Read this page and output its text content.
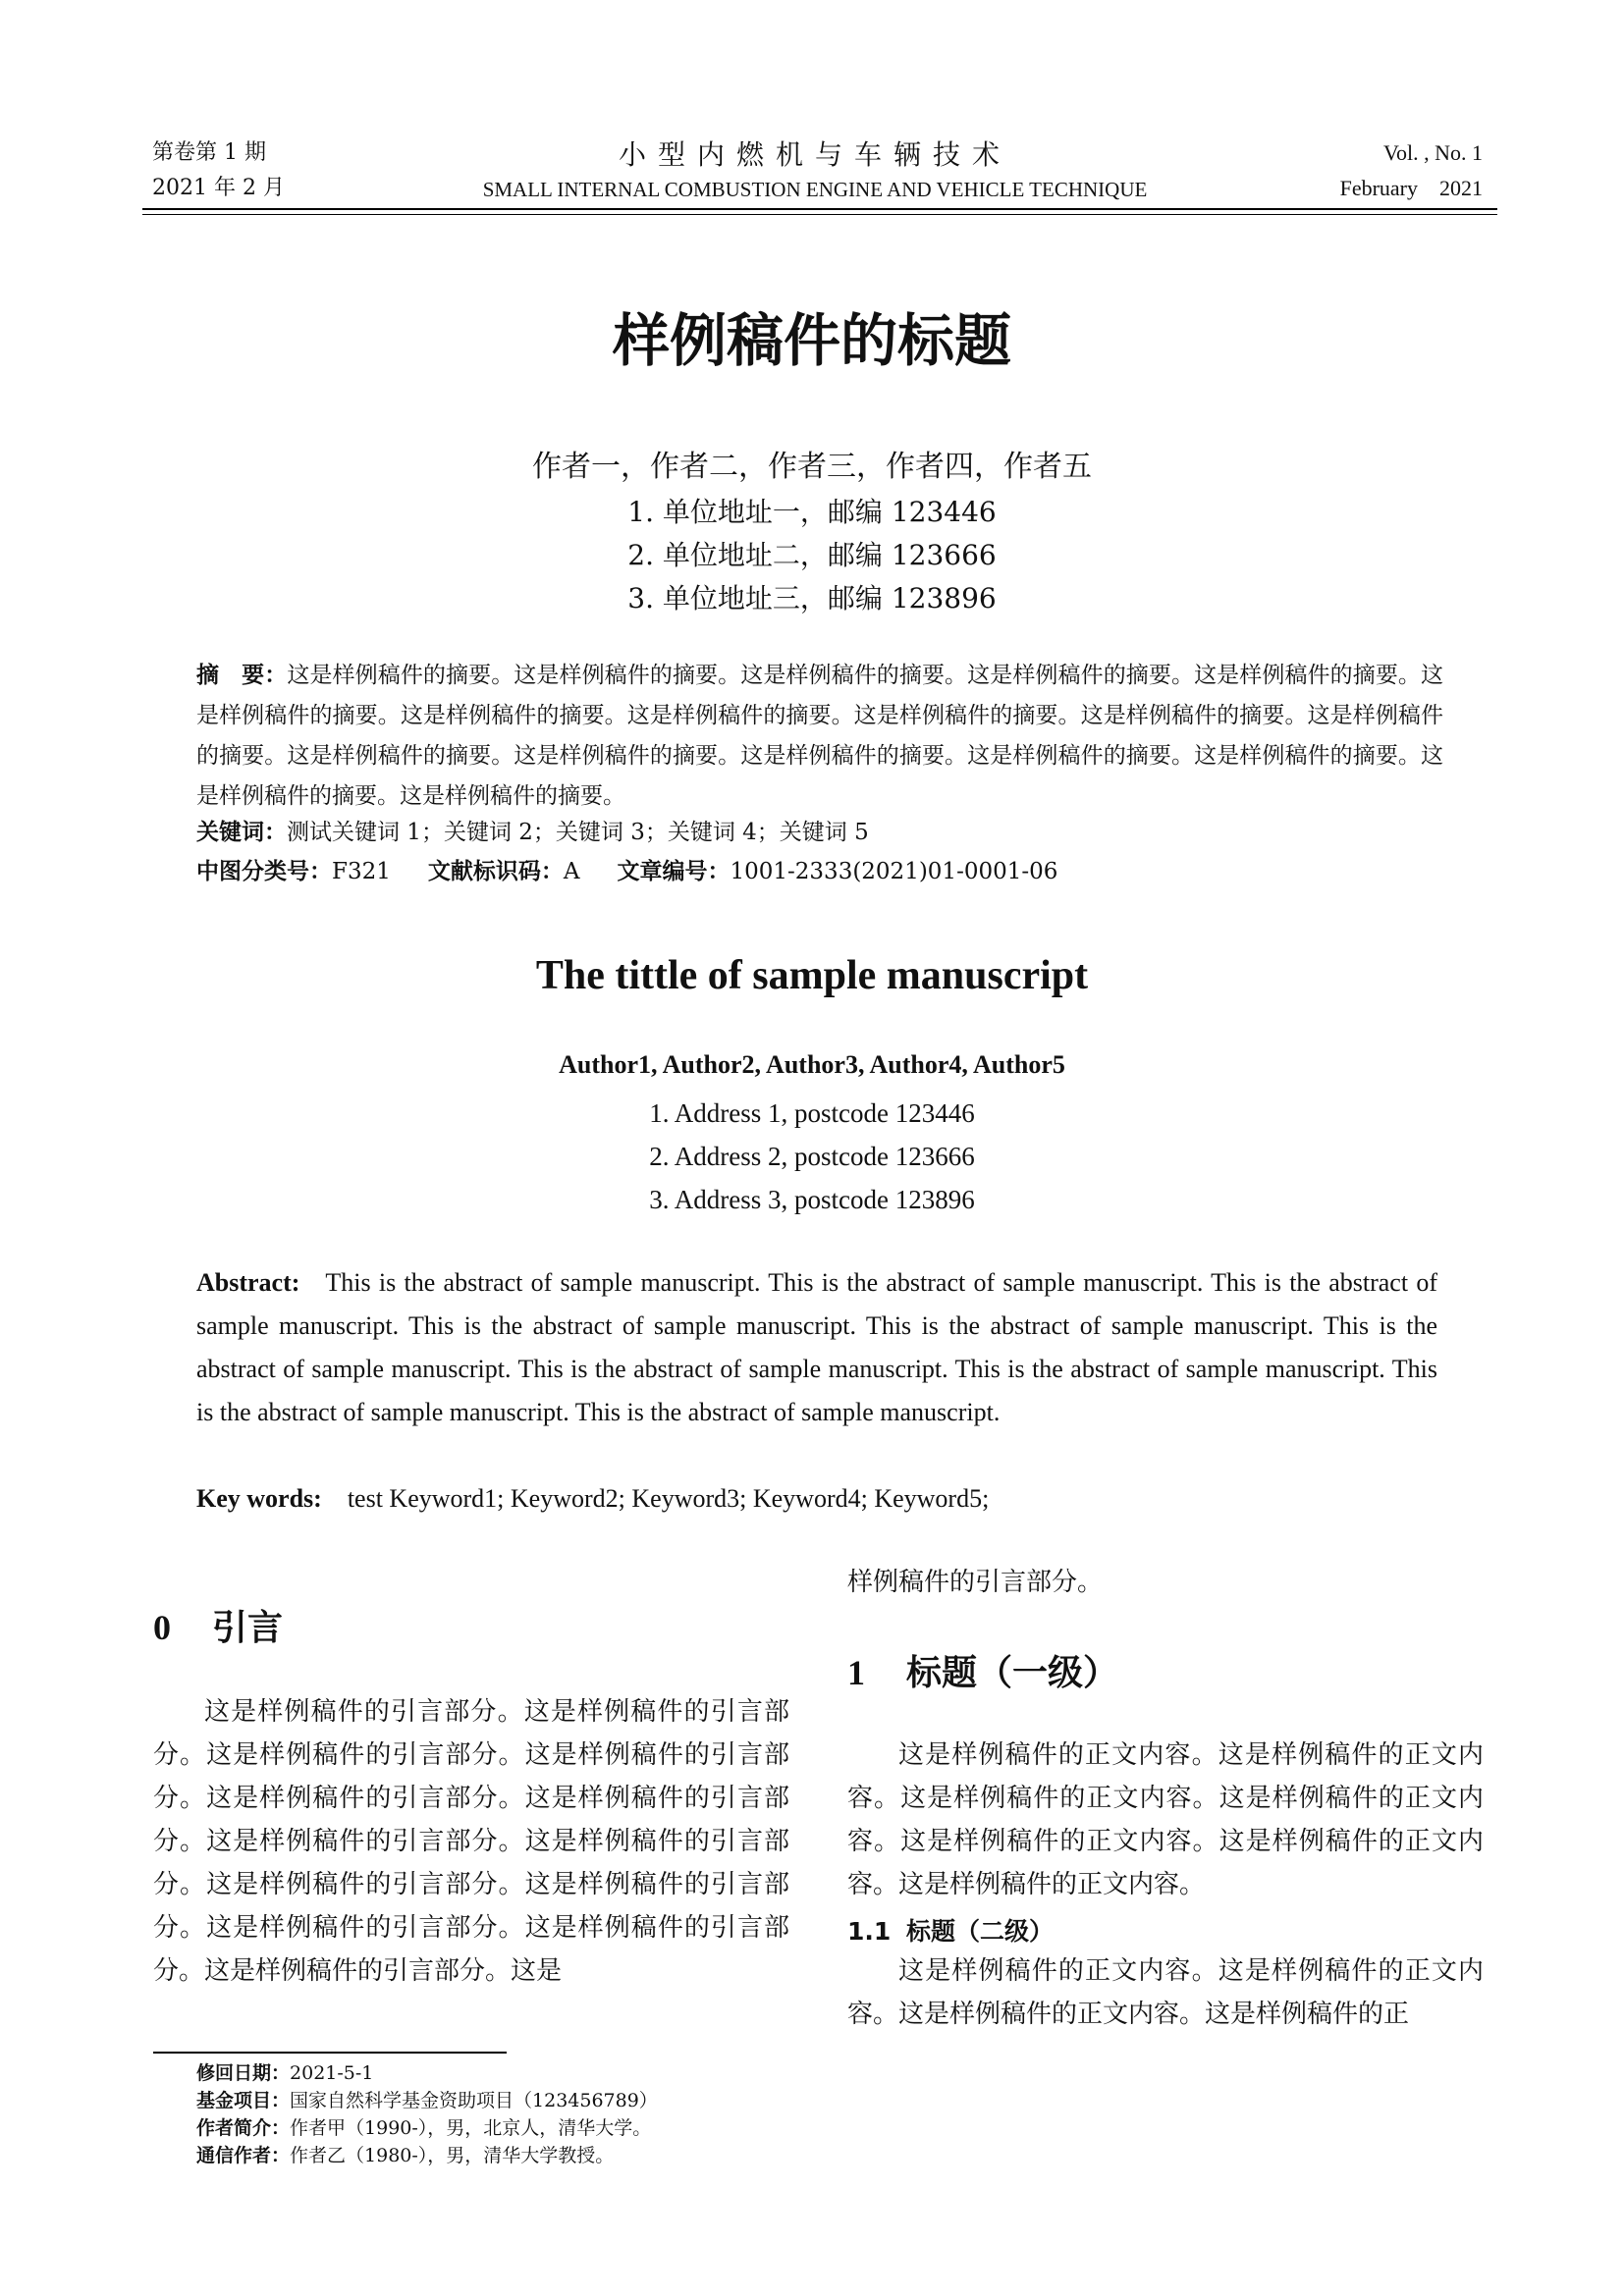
第卷第 1 期
2021 年 2 月
小型内燃机与车辆技术
SMALL INTERNAL COMBUSTION ENGINE AND VEHICLE TECHNIQUE
Vol. , No. 1
February    2021
样例稿件的标题
作者一，作者二，作者三，作者四，作者五
1. 单位地址一，邮编 123446
2. 单位地址二，邮编 123666
3. 单位地址三，邮编 123896
摘　要：这是样例稿件的摘要。这是样例稿件的摘要。这是样例稿件的摘要。这是样例稿件的摘要。这是样例稿件的摘要。这是样例稿件的摘要。这是样例稿件的摘要。这是样例稿件的摘要。这是样例稿件的摘要。这是样例稿件的摘要。这是样例稿件的摘要。这是样例稿件的摘要。这是样例稿件的摘要。这是样例稿件的摘要。这是样例稿件的摘要。这是样例稿件的摘要。这是样例稿件的摘要。这是样例稿件的摘要。
关键词：测试关键词 1；关键词 2；关键词 3；关键词 4；关键词 5
中图分类号：F321 文献标识码：A 文章编号：1001-2333(2021)01-0001-06
The tittle of sample manuscript
Author1, Author2, Author3, Author4, Author5
1. Address 1, postcode 123446
2. Address 2, postcode 123666
3. Address 3, postcode 123896
Abstract: This is the abstract of sample manuscript. This is the abstract of sample manuscript. This is the abstract of sample manuscript. This is the abstract of sample manuscript. This is the abstract of sample manuscript. This is the abstract of sample manuscript. This is the abstract of sample manuscript. This is the abstract of sample manuscript. This is the abstract of sample manuscript. This is the abstract of sample manuscript.
Key words: test Keyword1; Keyword2; Keyword3; Keyword4; Keyword5;
0 引言
这是样例稿件的引言部分。这是样例稿件的引言部分。这是样例稿件的引言部分。这是样例稿件的引言部分。这是样例稿件的引言部分。这是样例稿件的引言部分。这是样例稿件的引言部分。这是样例稿件的引言部分。这是样例稿件的引言部分。这是样例稿件的引言部分。这是样例稿件的引言部分。这是样例稿件的引言部分。这是样例稿件的引言部分。这是
样例稿件的引言部分。
1 标题（一级）
这是样例稿件的正文内容。这是样例稿件的正文内容。这是样例稿件的正文内容。这是样例稿件的正文内容。这是样例稿件的正文内容。这是样例稿件的正文内容。这是样例稿件的正文内容。
1.1 标题（二级）
这是样例稿件的正文内容。这是样例稿件的正文内容。这是样例稿件的正文内容。这是样例稿件的正
修回日期：2021-5-1
基金项目：国家自然科学基金资助项目（123456789）
作者简介：作者甲（1990-），男，北京人，清华大学。
通信作者：作者乙（1980-），男，清华大学教授。
